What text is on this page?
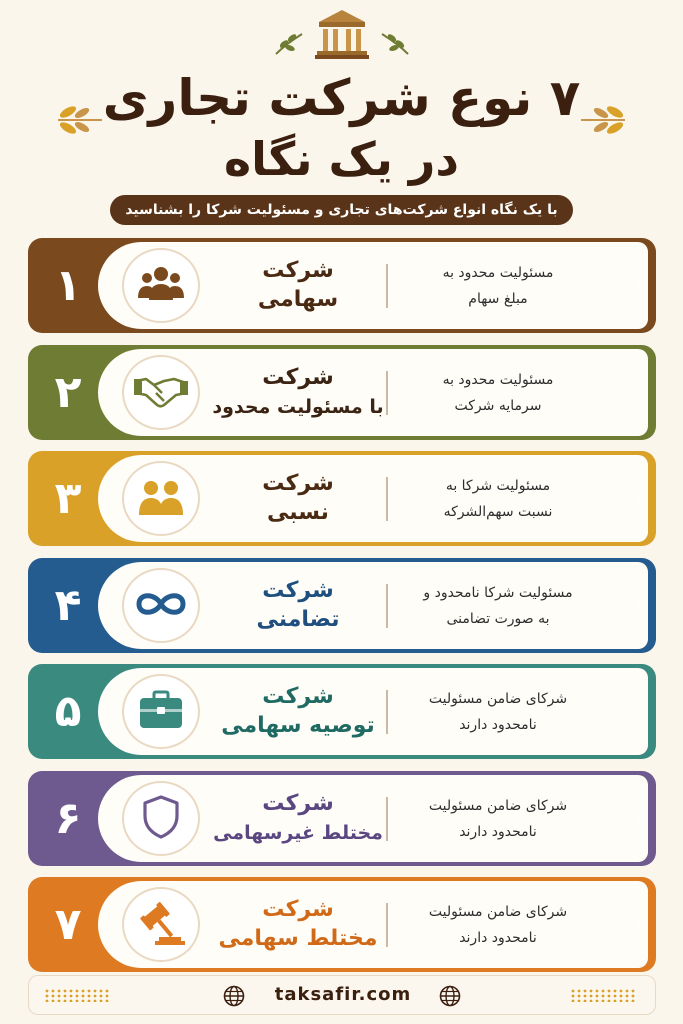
۷ نوع شرکت تجاری
در یک نگاه
با یک نگاه انواع شرکت‌های تجاری و مسئولیت شرکا را بشناسید
۱	شرکت
سهامی
مسئولیت محدود به
مبلغ سهام
‹
۲	شرکت
با مسئولیت محدود
مسئولیت محدود به
سرمایه شرکت
‹
۳	شرکت
نسبی
مسئولیت شرکا به
نسبت سهم‌الشرکه
‹
۴	شرکت
تضامنی
مسئولیت شرکا نامحدود و
به صورت تضامنی
‹
۵	شرکت
توصیه سهامی
شرکای ضامن مسئولیت
نامحدود دارند
‹
۶	شرکت
مختلط غیرسهامی
شرکای ضامن مسئولیت
نامحدود دارند
‹
۷	شرکت
مختلط سهامی
شرکای ضامن مسئولیت
نامحدود دارند
‹
taksafir.com
